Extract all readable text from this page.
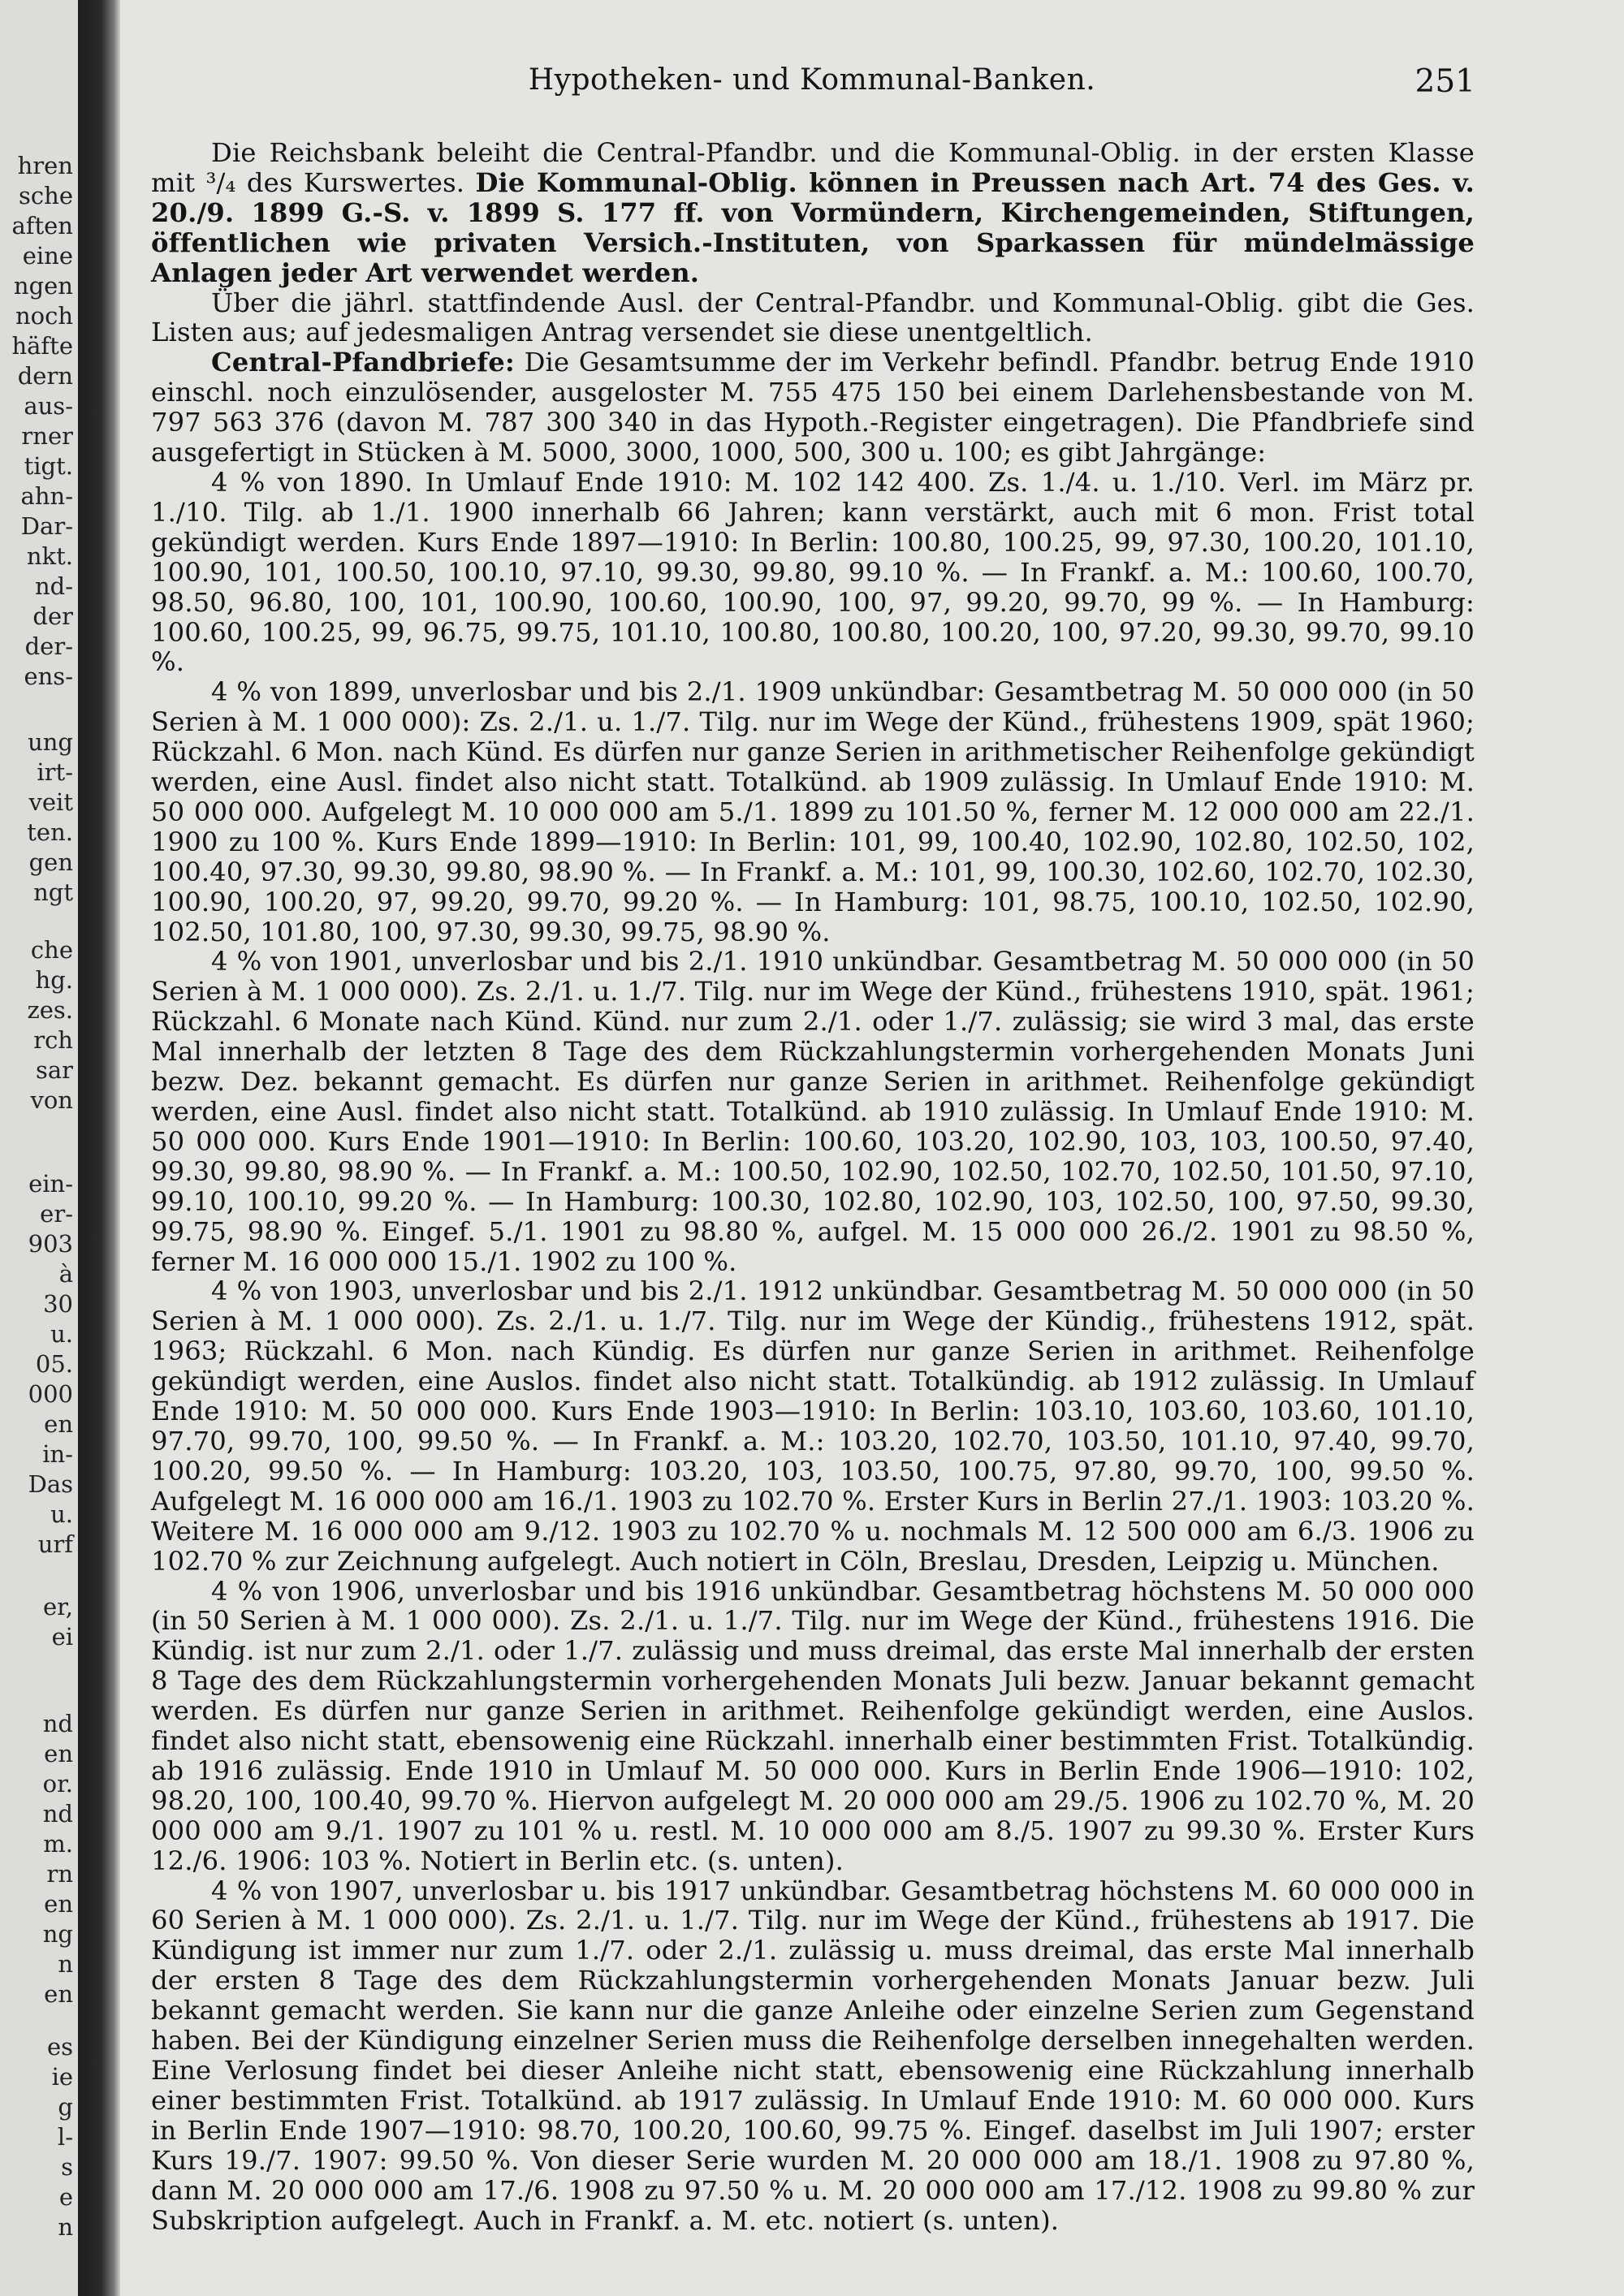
hren
sche
aften
eine
ngen
noch
häfte
dern
aus-
rner
tigt.
ahn-
Dar-
nkt.
nd-
der
der-
ens-
ung
irt-
veit
ten.
gen
ngt
che
hg.
zes.
rch
sar
von
ein-
er-
903
à
30
u.
05.
000
en
in-
Das
u.
urf
er,
ei
nd
en
or.
nd
m.
rn
en
ng
n
en
es
ie
g
l-
s
e
n
Hypotheken- und Kommunal-Banken.	251

Die Reichsbank beleiht die Central-Pfandbr. und die Kommunal-Oblig. in der ersten Klasse mit ³/₄ des Kurswertes. Die Kommunal-Oblig. können in Preussen nach Art. 74 des Ges. v. 20./9. 1899 G.-S. v. 1899 S. 177 ff. von Vormündern, Kirchengemeinden, Stiftungen, öffentlichen wie privaten Versich.-Instituten, von Sparkassen für mündelmässige Anlagen jeder Art verwendet werden.

Über die jährl. stattfindende Ausl. der Central-Pfandbr. und Kommunal-Oblig. gibt die Ges. Listen aus; auf jedesmaligen Antrag versendet sie diese unentgeltlich.

Central-Pfandbriefe: Die Gesamtsumme der im Verkehr befindl. Pfandbr. betrug Ende 1910 einschl. noch einzulösender, ausgeloster M. 755 475 150 bei einem Darlehensbestande von M. 797 563 376 (davon M. 787 300 340 in das Hypoth.-Register eingetragen). Die Pfandbriefe sind ausgefertigt in Stücken à M. 5000, 3000, 1000, 500, 300 u. 100; es gibt Jahrgänge:

4 % von 1890. In Umlauf Ende 1910: M. 102 142 400. Zs. 1./4. u. 1./10. Verl. im März pr. 1./10. Tilg. ab 1./1. 1900 innerhalb 66 Jahren; kann verstärkt, auch mit 6 mon. Frist total gekündigt werden. Kurs Ende 1897—1910: In Berlin: 100.80, 100.25, 99, 97.30, 100.20, 101.10, 100.90, 101, 100.50, 100.10, 97.10, 99.30, 99.80, 99.10 %. — In Frankf. a. M.: 100.60, 100.70, 98.50, 96.80, 100, 101, 100.90, 100.60, 100.90, 100, 97, 99.20, 99.70, 99 %. — In Hamburg: 100.60, 100.25, 99, 96.75, 99.75, 101.10, 100.80, 100.80, 100.20, 100, 97.20, 99.30, 99.70, 99.10 %.

4 % von 1899, unverlosbar und bis 2./1. 1909 unkündbar: Gesamtbetrag M. 50 000 000 (in 50 Serien à M. 1 000 000): Zs. 2./1. u. 1./7. Tilg. nur im Wege der Künd., frühestens 1909, spät 1960; Rückzahl. 6 Mon. nach Künd. Es dürfen nur ganze Serien in arithmetischer Reihenfolge gekündigt werden, eine Ausl. findet also nicht statt. Totalkünd. ab 1909 zulässig. In Umlauf Ende 1910: M. 50 000 000. Aufgelegt M. 10 000 000 am 5./1. 1899 zu 101.50 %, ferner M. 12 000 000 am 22./1. 1900 zu 100 %. Kurs Ende 1899—1910: In Berlin: 101, 99, 100.40, 102.90, 102.80, 102.50, 102, 100.40, 97.30, 99.30, 99.80, 98.90 %. — In Frankf. a. M.: 101, 99, 100.30, 102.60, 102.70, 102.30, 100.90, 100.20, 97, 99.20, 99.70, 99.20 %. — In Hamburg: 101, 98.75, 100.10, 102.50, 102.90, 102.50, 101.80, 100, 97.30, 99.30, 99.75, 98.90 %.

4 % von 1901, unverlosbar und bis 2./1. 1910 unkündbar. Gesamtbetrag M. 50 000 000 (in 50 Serien à M. 1 000 000). Zs. 2./1. u. 1./7. Tilg. nur im Wege der Künd., frühestens 1910, spät. 1961; Rückzahl. 6 Monate nach Künd. Künd. nur zum 2./1. oder 1./7. zulässig; sie wird 3 mal, das erste Mal innerhalb der letzten 8 Tage des dem Rückzahlungstermin vorhergehenden Monats Juni bezw. Dez. bekannt gemacht. Es dürfen nur ganze Serien in arithmet. Reihenfolge gekündigt werden, eine Ausl. findet also nicht statt. Totalkünd. ab 1910 zulässig. In Umlauf Ende 1910: M. 50 000 000. Kurs Ende 1901—1910: In Berlin: 100.60, 103.20, 102.90, 103, 103, 100.50, 97.40, 99.30, 99.80, 98.90 %. — In Frankf. a. M.: 100.50, 102.90, 102.50, 102.70, 102.50, 101.50, 97.10, 99.10, 100.10, 99.20 %. — In Hamburg: 100.30, 102.80, 102.90, 103, 102.50, 100, 97.50, 99.30, 99.75, 98.90 %. Eingef. 5./1. 1901 zu 98.80 %, aufgel. M. 15 000 000 26./2. 1901 zu 98.50 %, ferner M. 16 000 000 15./1. 1902 zu 100 %.

4 % von 1903, unverlosbar und bis 2./1. 1912 unkündbar. Gesamtbetrag M. 50 000 000 (in 50 Serien à M. 1 000 000). Zs. 2./1. u. 1./7. Tilg. nur im Wege der Kündig., frühestens 1912, spät. 1963; Rückzahl. 6 Mon. nach Kündig. Es dürfen nur ganze Serien in arithmet. Reihenfolge gekündigt werden, eine Auslos. findet also nicht statt. Totalkündig. ab 1912 zulässig. In Umlauf Ende 1910: M. 50 000 000. Kurs Ende 1903—1910: In Berlin: 103.10, 103.60, 103.60, 101.10, 97.70, 99.70, 100, 99.50 %. — In Frankf. a. M.: 103.20, 102.70, 103.50, 101.10, 97.40, 99.70, 100.20, 99.50 %. — In Hamburg: 103.20, 103, 103.50, 100.75, 97.80, 99.70, 100, 99.50 %. Aufgelegt M. 16 000 000 am 16./1. 1903 zu 102.70 %. Erster Kurs in Berlin 27./1. 1903: 103.20 %. Weitere M. 16 000 000 am 9./12. 1903 zu 102.70 % u. nochmals M. 12 500 000 am 6./3. 1906 zu 102.70 % zur Zeichnung aufgelegt. Auch notiert in Cöln, Breslau, Dresden, Leipzig u. München.

4 % von 1906, unverlosbar und bis 1916 unkündbar. Gesamtbetrag höchstens M. 50 000 000 (in 50 Serien à M. 1 000 000). Zs. 2./1. u. 1./7. Tilg. nur im Wege der Künd., frühestens 1916. Die Kündig. ist nur zum 2./1. oder 1./7. zulässig und muss dreimal, das erste Mal innerhalb der ersten 8 Tage des dem Rückzahlungstermin vorhergehenden Monats Juli bezw. Januar bekannt gemacht werden. Es dürfen nur ganze Serien in arithmet. Reihenfolge gekündigt werden, eine Auslos. findet also nicht statt, ebensowenig eine Rückzahl. innerhalb einer bestimmten Frist. Totalkündig. ab 1916 zulässig. Ende 1910 in Umlauf M. 50 000 000. Kurs in Berlin Ende 1906—1910: 102, 98.20, 100, 100.40, 99.70 %. Hiervon aufgelegt M. 20 000 000 am 29./5. 1906 zu 102.70 %, M. 20 000 000 am 9./1. 1907 zu 101 % u. restl. M. 10 000 000 am 8./5. 1907 zu 99.30 %. Erster Kurs 12./6. 1906: 103 %. Notiert in Berlin etc. (s. unten).

4 % von 1907, unverlosbar u. bis 1917 unkündbar. Gesamtbetrag höchstens M. 60 000 000 in 60 Serien à M. 1 000 000). Zs. 2./1. u. 1./7. Tilg. nur im Wege der Künd., frühestens ab 1917. Die Kündigung ist immer nur zum 1./7. oder 2./1. zulässig u. muss dreimal, das erste Mal innerhalb der ersten 8 Tage des dem Rückzahlungstermin vorhergehenden Monats Januar bezw. Juli bekannt gemacht werden. Sie kann nur die ganze Anleihe oder einzelne Serien zum Gegenstand haben. Bei der Kündigung einzelner Serien muss die Reihenfolge derselben innegehalten werden. Eine Verlosung findet bei dieser Anleihe nicht statt, ebensowenig eine Rückzahlung innerhalb einer bestimmten Frist. Totalkünd. ab 1917 zulässig. In Umlauf Ende 1910: M. 60 000 000. Kurs in Berlin Ende 1907—1910: 98.70, 100.20, 100.60, 99.75 %. Eingef. daselbst im Juli 1907; erster Kurs 19./7. 1907: 99.50 %. Von dieser Serie wurden M. 20 000 000 am 18./1. 1908 zu 97.80 %, dann M. 20 000 000 am 17./6. 1908 zu 97.50 % u. M. 20 000 000 am 17./12. 1908 zu 99.80 % zur Subskription aufgelegt. Auch in Frankf. a. M. etc. notiert (s. unten).
